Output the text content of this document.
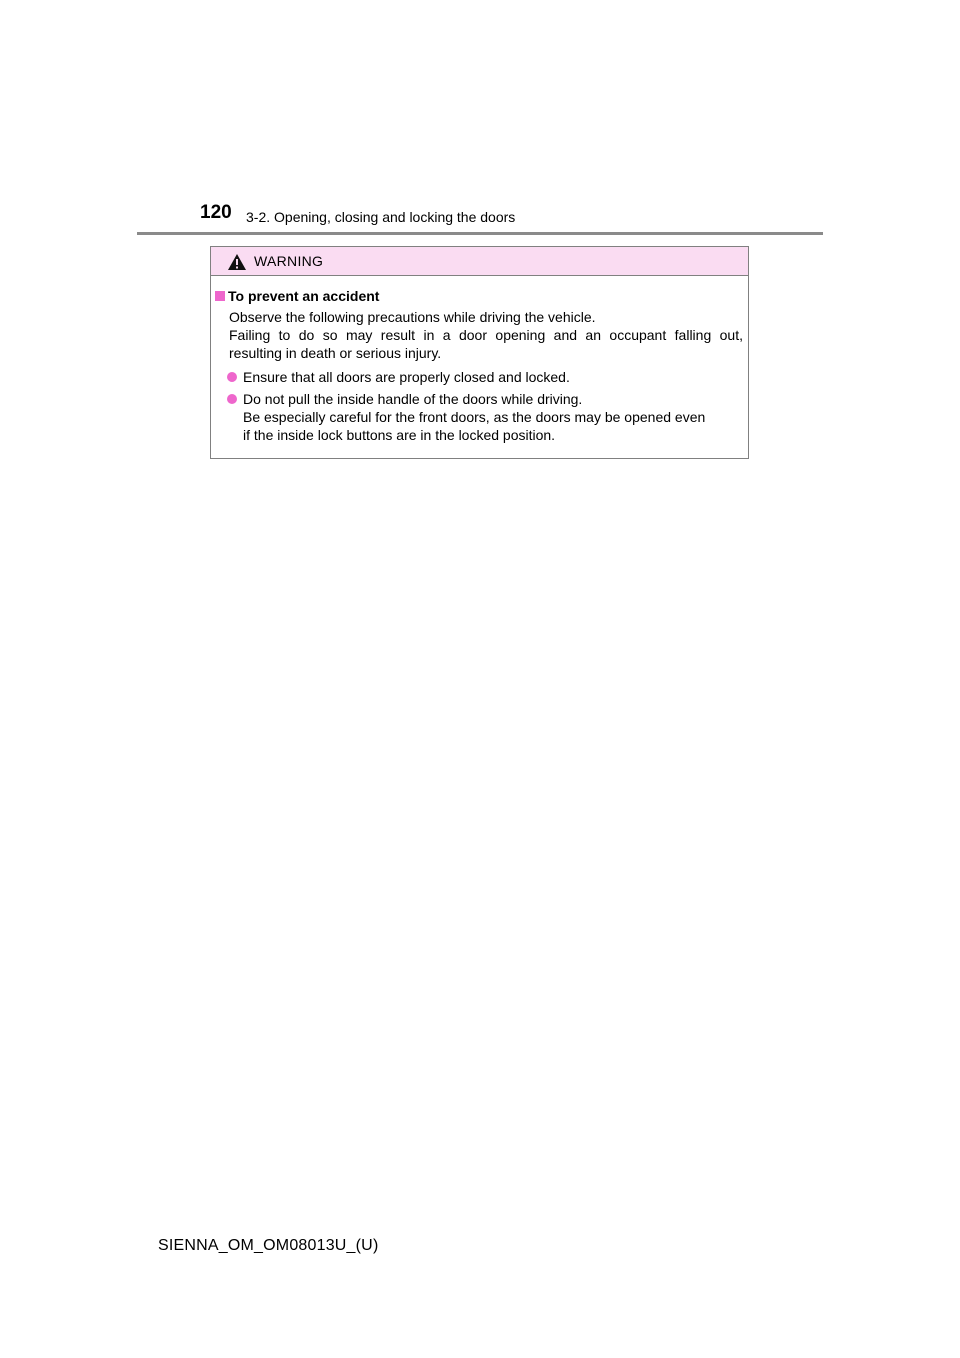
120 3-2. Opening, closing and locking the doors
WARNING
To prevent an accident
Observe the following precautions while driving the vehicle.
Failing to do so may result in a door opening and an occupant falling out,
resulting in death or serious injury.
Ensure that all doors are properly closed and locked.
Do not pull the inside handle of the doors while driving.
Be especially careful for the front doors, as the doors may be opened even
if the inside lock buttons are in the locked position.
SIENNA_OM_OM08013U_(U)
